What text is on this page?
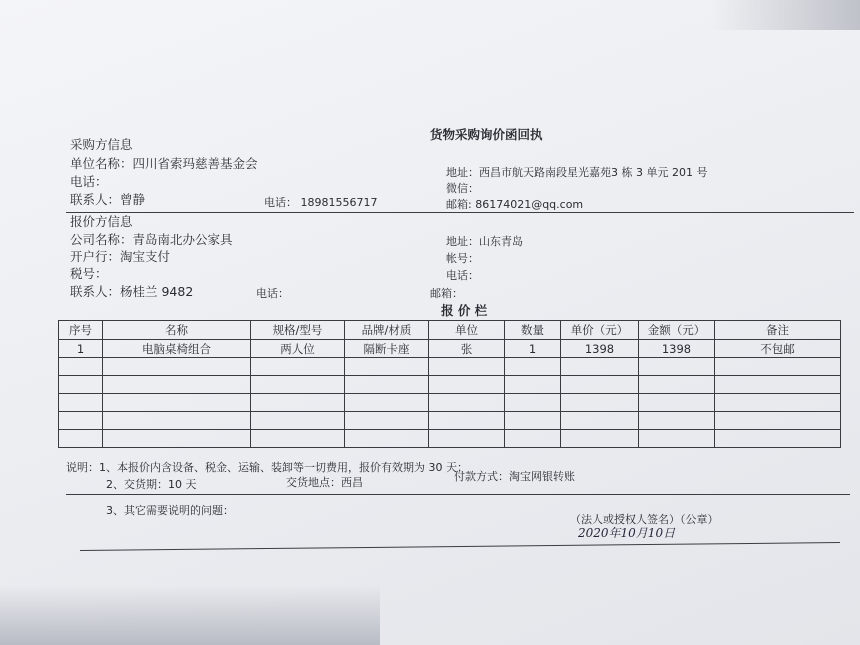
货物采购询价函回执
采购方信息
单位名称：四川省索玛慈善基金会
地址：西昌市航天路南段星光嘉苑3 栋 3 单元 201 号
电话：	微信：
联系人：曾静	电话： 18981556717	邮箱: 86174021@qq.com
报价方信息
公司名称：青岛南北办公家具	地址：山东青岛
开户行：淘宝支付	帐号：
税号：	电话：
联系人：杨桂兰 9482	电话：	邮箱：
报 价 栏
序号	名称	规格/型号	品牌/材质	单位	数量	单价（元）	金额（元）	备注
1	电脑桌椅组合	两人位	隔断卡座	张	1	1398	1398	不包邮

说明：1、本报价内含设备、税金、运输、装卸等一切费用，报价有效期为 30 天；
2、交货期：10 天	交货地点：西昌	付款方式：淘宝网银转账
3、其它需要说明的问题：
（法人或授权人签名）（公章）
2020年10月10日
